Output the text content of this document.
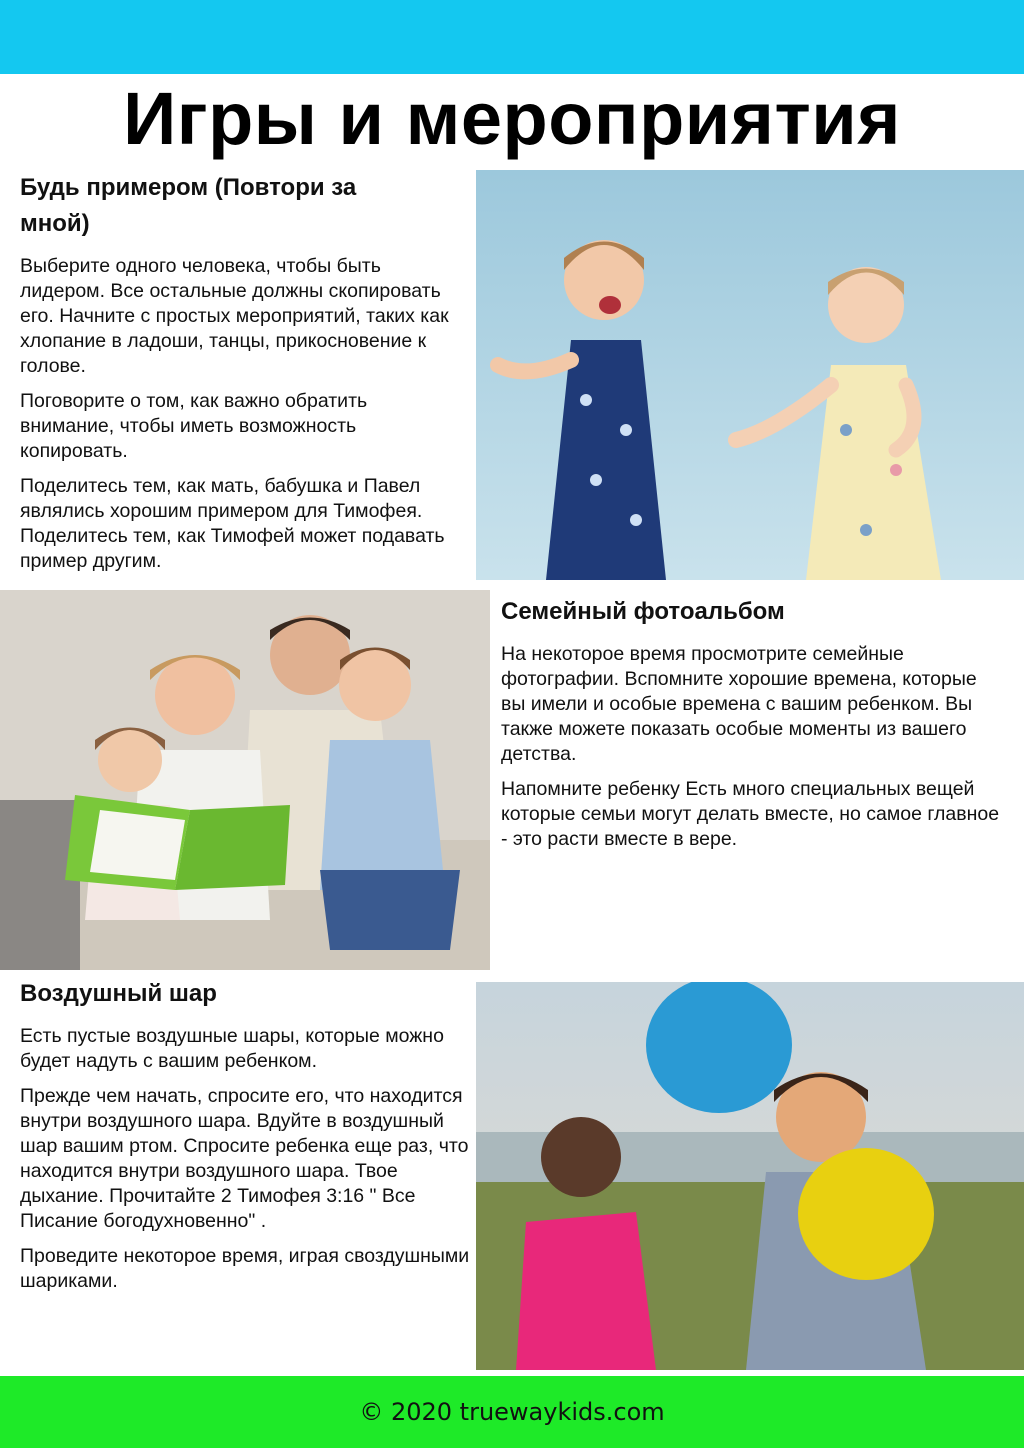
Игры и мероприятия
Будь примером (Повтори за мной)

Выберите одного человека, чтобы быть лидером. Все остальные должны скопировать его. Начните с простых мероприятий, таких как хлопание в ладоши, танцы, прикосновение к голове.

Поговорите о том, как важно обратить внимание, чтобы иметь возможность копировать.

Поделитесь тем, как мать, бабушка и Павел являлись хорошим примером для Тимофея. Поделитесь тем, как Тимофей может подавать пример другим.

Семейный фотоальбом

На некоторое время просмотрите семейные фотографии. Вспомните хорошие времена, которые вы имели и особые времена с вашим ребенком. Вы также можете показать особые моменты из вашего детства.

Напомните ребенку Есть много специальных вещей которые семьи могут делать вместе, но самое главное - это расти вместе в вере.

Воздушный шар

Есть пустые воздушные шары, которые можно будет надуть с вашим ребенком.

Прежде чем начать, спросите его, что находится внутри воздушного шара. Вдуйте в воздушный шар вашим ртом. Спросите ребенка еще раз, что находится внутри воздушного шара. Твое дыхание. Прочитайте 2 Тимофея 3:16 " Все Писание богодухновенно" .

Проведите некоторое время, играя своздушными шариками.

© 2020 truewaykids.com
